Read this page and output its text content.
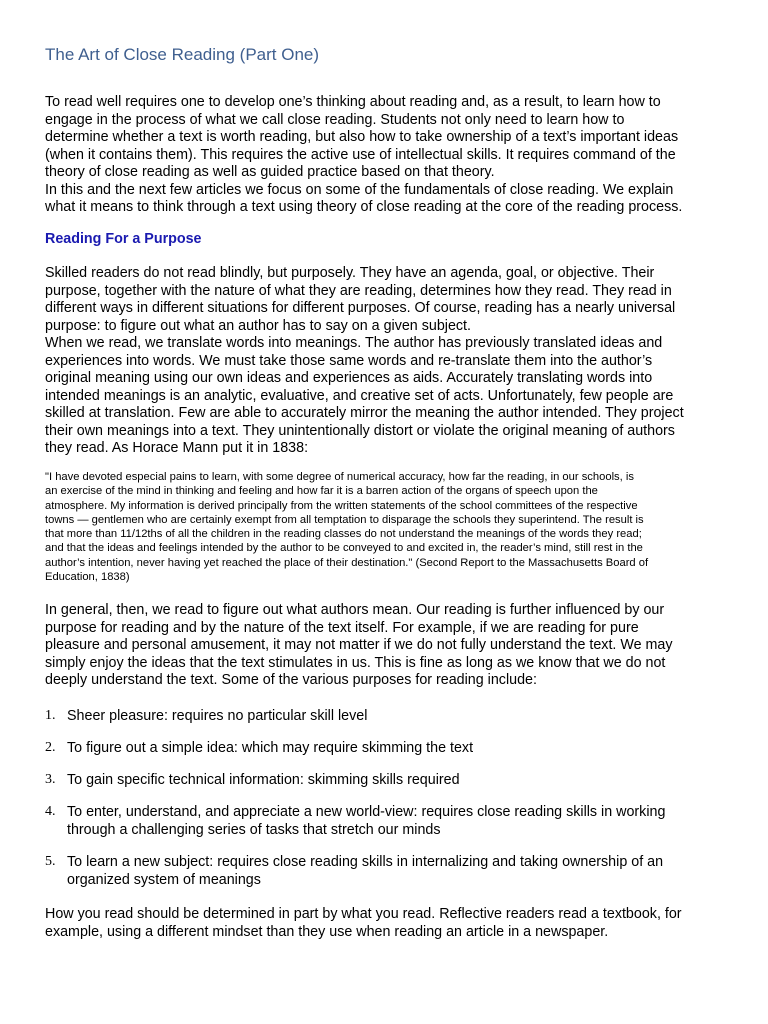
The Art of Close Reading (Part One)

To read well requires one to develop one’s thinking about reading and, as a result, to learn how to
engage in the process of what we call close reading. Students not only need to learn how to
determine whether a text is worth reading, but also how to take ownership of a text’s important ideas
(when it contains them). This requires the active use of intellectual skills. It requires command of the
theory of close reading as well as guided practice based on that theory.
In this and the next few articles we focus on some of the fundamentals of close reading. We explain
what it means to think through a text using theory of close reading at the core of the reading process.

Reading For a Purpose

Skilled readers do not read blindly, but purposely. They have an agenda, goal, or objective. Their
purpose, together with the nature of what they are reading, determines how they read. They read in
different ways in different situations for different purposes. Of course, reading has a nearly universal
purpose: to figure out what an author has to say on a given subject.
When we read, we translate words into meanings. The author has previously translated ideas and
experiences into words. We must take those same words and re-translate them into the author’s
original meaning using our own ideas and experiences as aids. Accurately translating words into
intended meanings is an analytic, evaluative, and creative set of acts. Unfortunately, few people are
skilled at translation. Few are able to accurately mirror the meaning the author intended. They project
their own meanings into a text. They unintentionally distort or violate the original meaning of authors
they read. As Horace Mann put it in 1838:

"I have devoted especial pains to learn, with some degree of numerical accuracy, how far the reading, in our schools, is
an exercise of the mind in thinking and feeling and how far it is a barren action of the organs of speech upon the
atmosphere. My information is derived principally from the written statements of the school committees of the respective
towns — gentlemen who are certainly exempt from all temptation to disparage the schools they superintend. The result is
that more than 11/12ths of all the children in the reading classes do not understand the meanings of the words they read;
and that the ideas and feelings intended by the author to be conveyed to and excited in, the reader’s mind, still rest in the
author’s intention, never having yet reached the place of their destination." (Second Report to the Massachusetts Board of
Education, 1838)

In general, then, we read to figure out what authors mean. Our reading is further influenced by our
purpose for reading and by the nature of the text itself. For example, if we are reading for pure
pleasure and personal amusement, it may not matter if we do not fully understand the text. We may
simply enjoy the ideas that the text stimulates in us. This is fine as long as we know that we do not
deeply understand the text. Some of the various purposes for reading include:

1. Sheer pleasure: requires no particular skill level
2. To figure out a simple idea: which may require skimming the text
3. To gain specific technical information: skimming skills required
4. To enter, understand, and appreciate a new world-view: requires close reading skills in working
through a challenging series of tasks that stretch our minds
5. To learn a new subject: requires close reading skills in internalizing and taking ownership of an
organized system of meanings

How you read should be determined in part by what you read. Reflective readers read a textbook, for
example, using a different mindset than they use when reading an article in a newspaper.
